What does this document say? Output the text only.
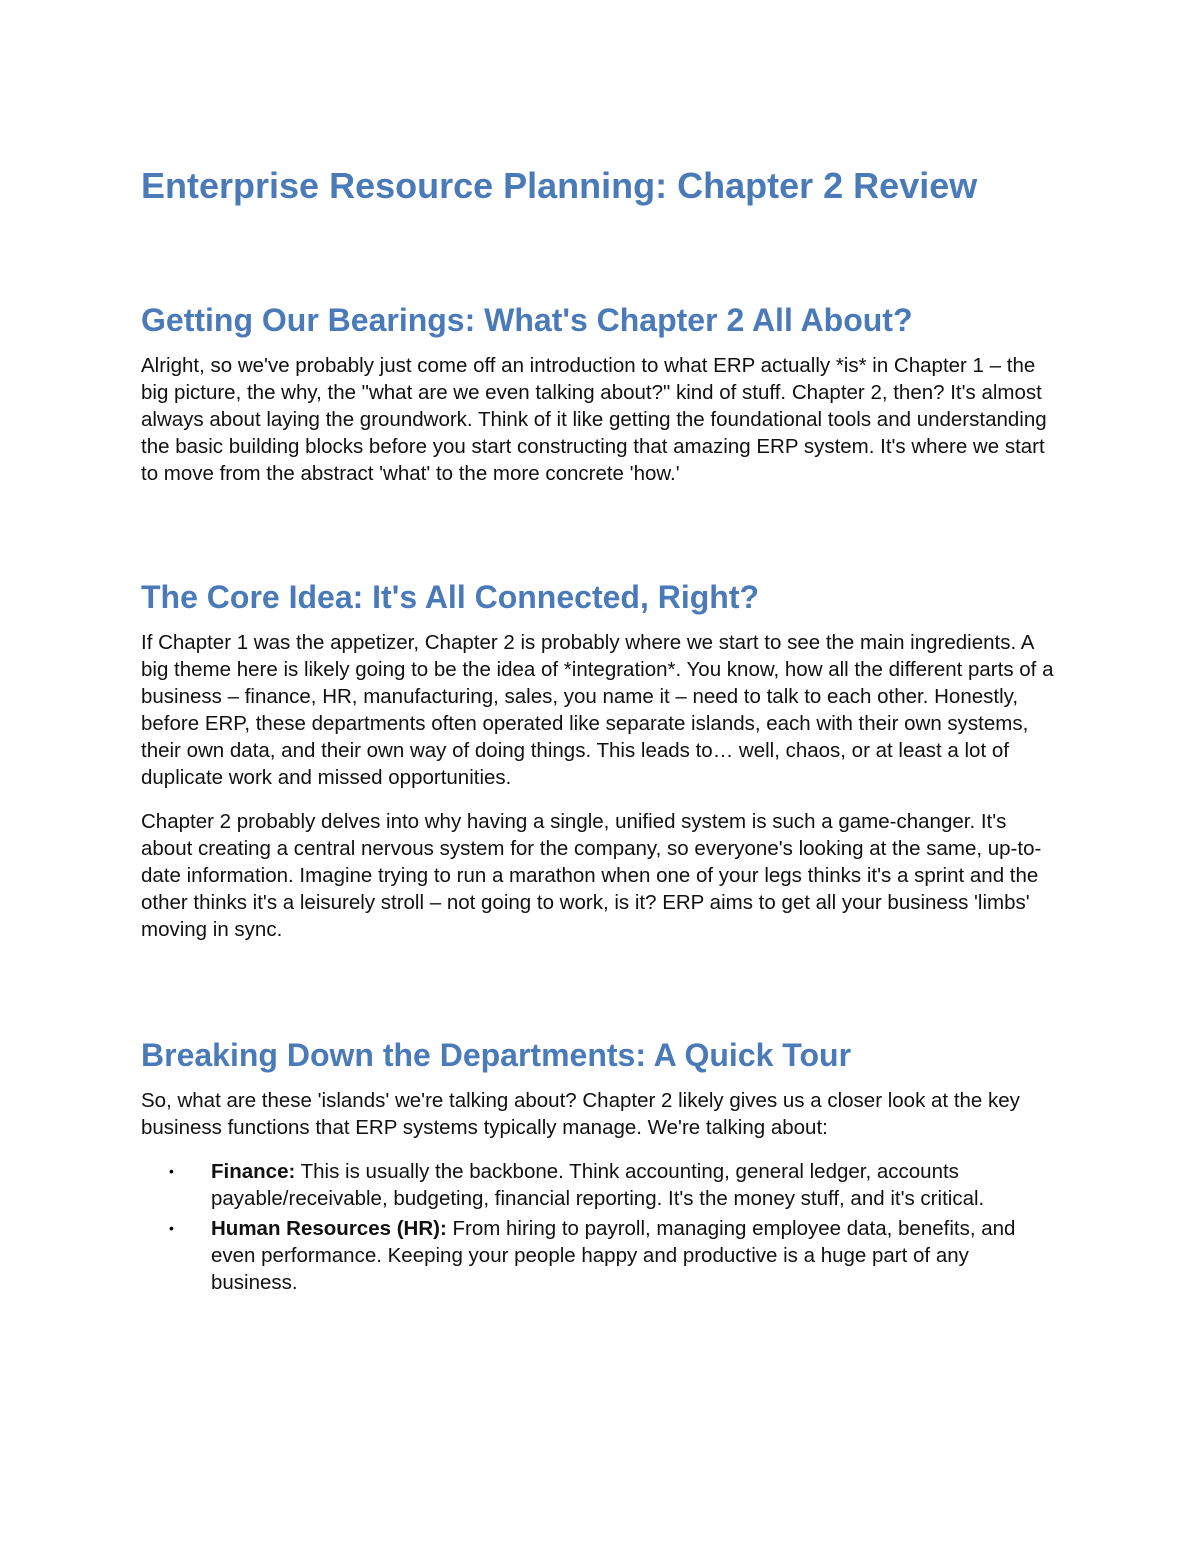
Enterprise Resource Planning: Chapter 2 Review
Getting Our Bearings: What's Chapter 2 All About?

Alright, so we've probably just come off an introduction to what ERP actually *is* in Chapter 1 – the big picture, the why, the "what are we even talking about?" kind of stuff. Chapter 2, then? It's almost always about laying the groundwork. Think of it like getting the foundational tools and understanding the basic building blocks before you start constructing that amazing ERP system. It's where we start to move from the abstract 'what' to the more concrete 'how.'

The Core Idea: It's All Connected, Right?

If Chapter 1 was the appetizer, Chapter 2 is probably where we start to see the main ingredients. A big theme here is likely going to be the idea of *integration*. You know, how all the different parts of a business – finance, HR, manufacturing, sales, you name it – need to talk to each other. Honestly, before ERP, these departments often operated like separate islands, each with their own systems, their own data, and their own way of doing things. This leads to… well, chaos, or at least a lot of duplicate work and missed opportunities.

Chapter 2 probably delves into why having a single, unified system is such a game-changer. It's about creating a central nervous system for the company, so everyone's looking at the same, up-to-date information. Imagine trying to run a marathon when one of your legs thinks it's a sprint and the other thinks it's a leisurely stroll – not going to work, is it? ERP aims to get all your business 'limbs' moving in sync.

Breaking Down the Departments: A Quick Tour

So, what are these 'islands' we're talking about? Chapter 2 likely gives us a closer look at the key business functions that ERP systems typically manage. We're talking about:

• Finance: This is usually the backbone. Think accounting, general ledger, accounts payable/receivable, budgeting, financial reporting. It's the money stuff, and it's critical.
• Human Resources (HR): From hiring to payroll, managing employee data, benefits, and even performance. Keeping your people happy and productive is a huge part of any business.
